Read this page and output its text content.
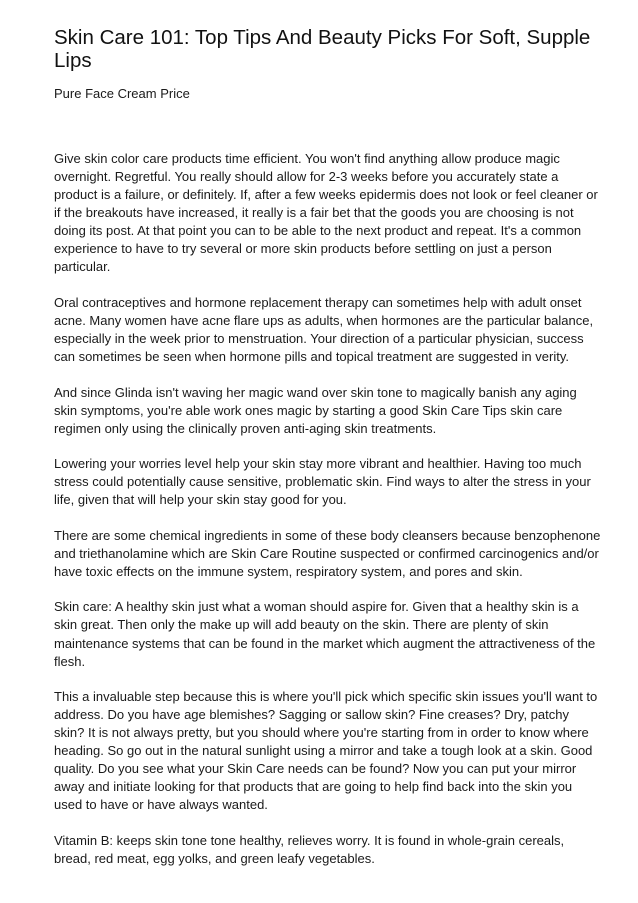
Skin Care 101: Top Tips And Beauty Picks For Soft, Supple Lips
Pure Face Cream Price

Give skin color care products time efficient. You won't find anything allow produce magic overnight. Regretful. You really should allow for 2-3 weeks before you accurately state a product is a failure, or definitely. If, after a few weeks epidermis does not look or feel cleaner or if the breakouts have increased, it really is a fair bet that the goods you are choosing is not doing its post. At that point you can to be able to the next product and repeat. It's a common experience to have to try several or more skin products before settling on just a person particular.

Oral contraceptives and hormone replacement therapy can sometimes help with adult onset acne. Many women have acne flare ups as adults, when hormones are the particular balance, especially in the week prior to menstruation. Your direction of a particular physician, success can sometimes be seen when hormone pills and topical treatment are suggested in verity.

And since Glinda isn't waving her magic wand over skin tone to magically banish any aging skin symptoms, you're able work ones magic by starting a good Skin Care Tips skin care regimen only using the clinically proven anti-aging skin treatments.

Lowering your worries level help your skin stay more vibrant and healthier. Having too much stress could potentially cause sensitive, problematic skin. Find ways to alter the stress in your life, given that will help your skin stay good for you.

There are some chemical ingredients in some of these body cleansers because benzophenone and triethanolamine which are Skin Care Routine suspected or confirmed carcinogenics and/or have toxic effects on the immune system, respiratory system, and pores and skin.

Skin care: A healthy skin just what a woman should aspire for. Given that a healthy skin is a skin great. Then only the make up will add beauty on the skin. There are plenty of skin maintenance systems that can be found in the market which augment the attractiveness of the flesh.

This a invaluable step because this is where you'll pick which specific skin issues you'll want to address. Do you have age blemishes? Sagging or sallow skin? Fine creases? Dry, patchy skin? It is not always pretty, but you should where you're starting from in order to know where heading. So go out in the natural sunlight using a mirror and take a tough look at a skin. Good quality. Do you see what your Skin Care needs can be found? Now you can put your mirror away and initiate looking for that products that are going to help find back into the skin you used to have or have always wanted.

Vitamin B: keeps skin tone tone healthy, relieves worry. It is found in whole-grain cereals, bread, red meat, egg yolks, and green leafy vegetables.
